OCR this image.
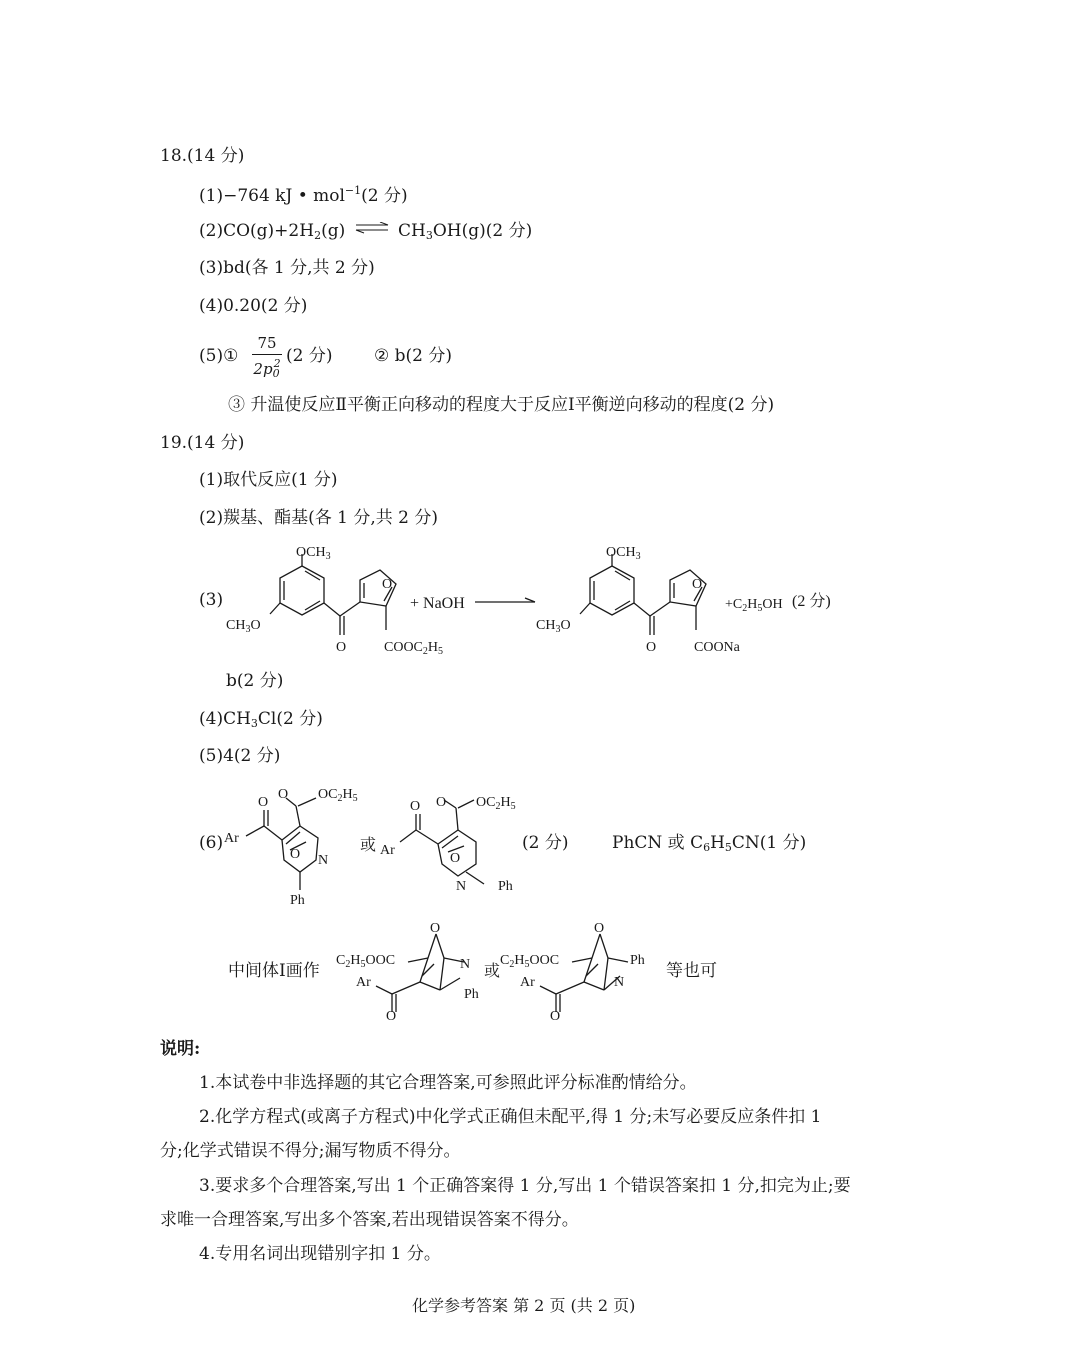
18.(14 分)
(1)−764 kJ • mol$^{-1}$(2 分)
$(2)CO(g)+2H_2(g)$ ⇌ $CH_3OH(g)(2$ 分)
(3)bd(各 1 分,共 2 分)
(4)0.20(2 分)
(5)①
75
$2p_0^2$ (2 分) ② b(2 分)
③ 升温使反应Ⅱ平衡正向移动的程度大于反应Ⅰ平衡逆向移动的程度(2 分)
19.(14 分)
(1)取代反应(1 分)
(2)羰基、酯基(各 1 分,共 2 分)
(3)
$OCH_3$
$CH_3O$
O
O
$COOC_2H_5$
+ NaOH
$OCH_3$
$CH_3O$
O
O
COONa
$+C_2H_5OH$ (2 分)
b(2 分)
$(4)CH_3Cl(2$ 分)
(5)4(2 分)
(6) Ar
O
O $OC_2H_5$
O N
Ph
或 Ar
O O $OC_2H_5$
O
N Ph
(2 分)	PhCN 或 $C_6H_5CN(1$ 分)
中间体Ⅰ画作
O
$C_2H_5OOC$	N
Ar
Ph
O
或
O
$C_2H_5OOC$	Ph
Ar	N
O
等也可
说明:
1.本试卷中非选择题的其它合理答案,可参照此评分标准酌情给分。
2.化学方程式(或离子方程式)中化学式正确但未配平,得 1 分;未写必要反应条件扣 1
分;化学式错误不得分;漏写物质不得分。
3.要求多个合理答案,写出 1 个正确答案得 1 分,写出 1 个错误答案扣 1 分,扣完为止;要
求唯一合理答案,写出多个答案,若出现错误答案不得分。
4.专用名词出现错别字扣 1 分。
化学参考答案 第 2 页 (共 2 页)
